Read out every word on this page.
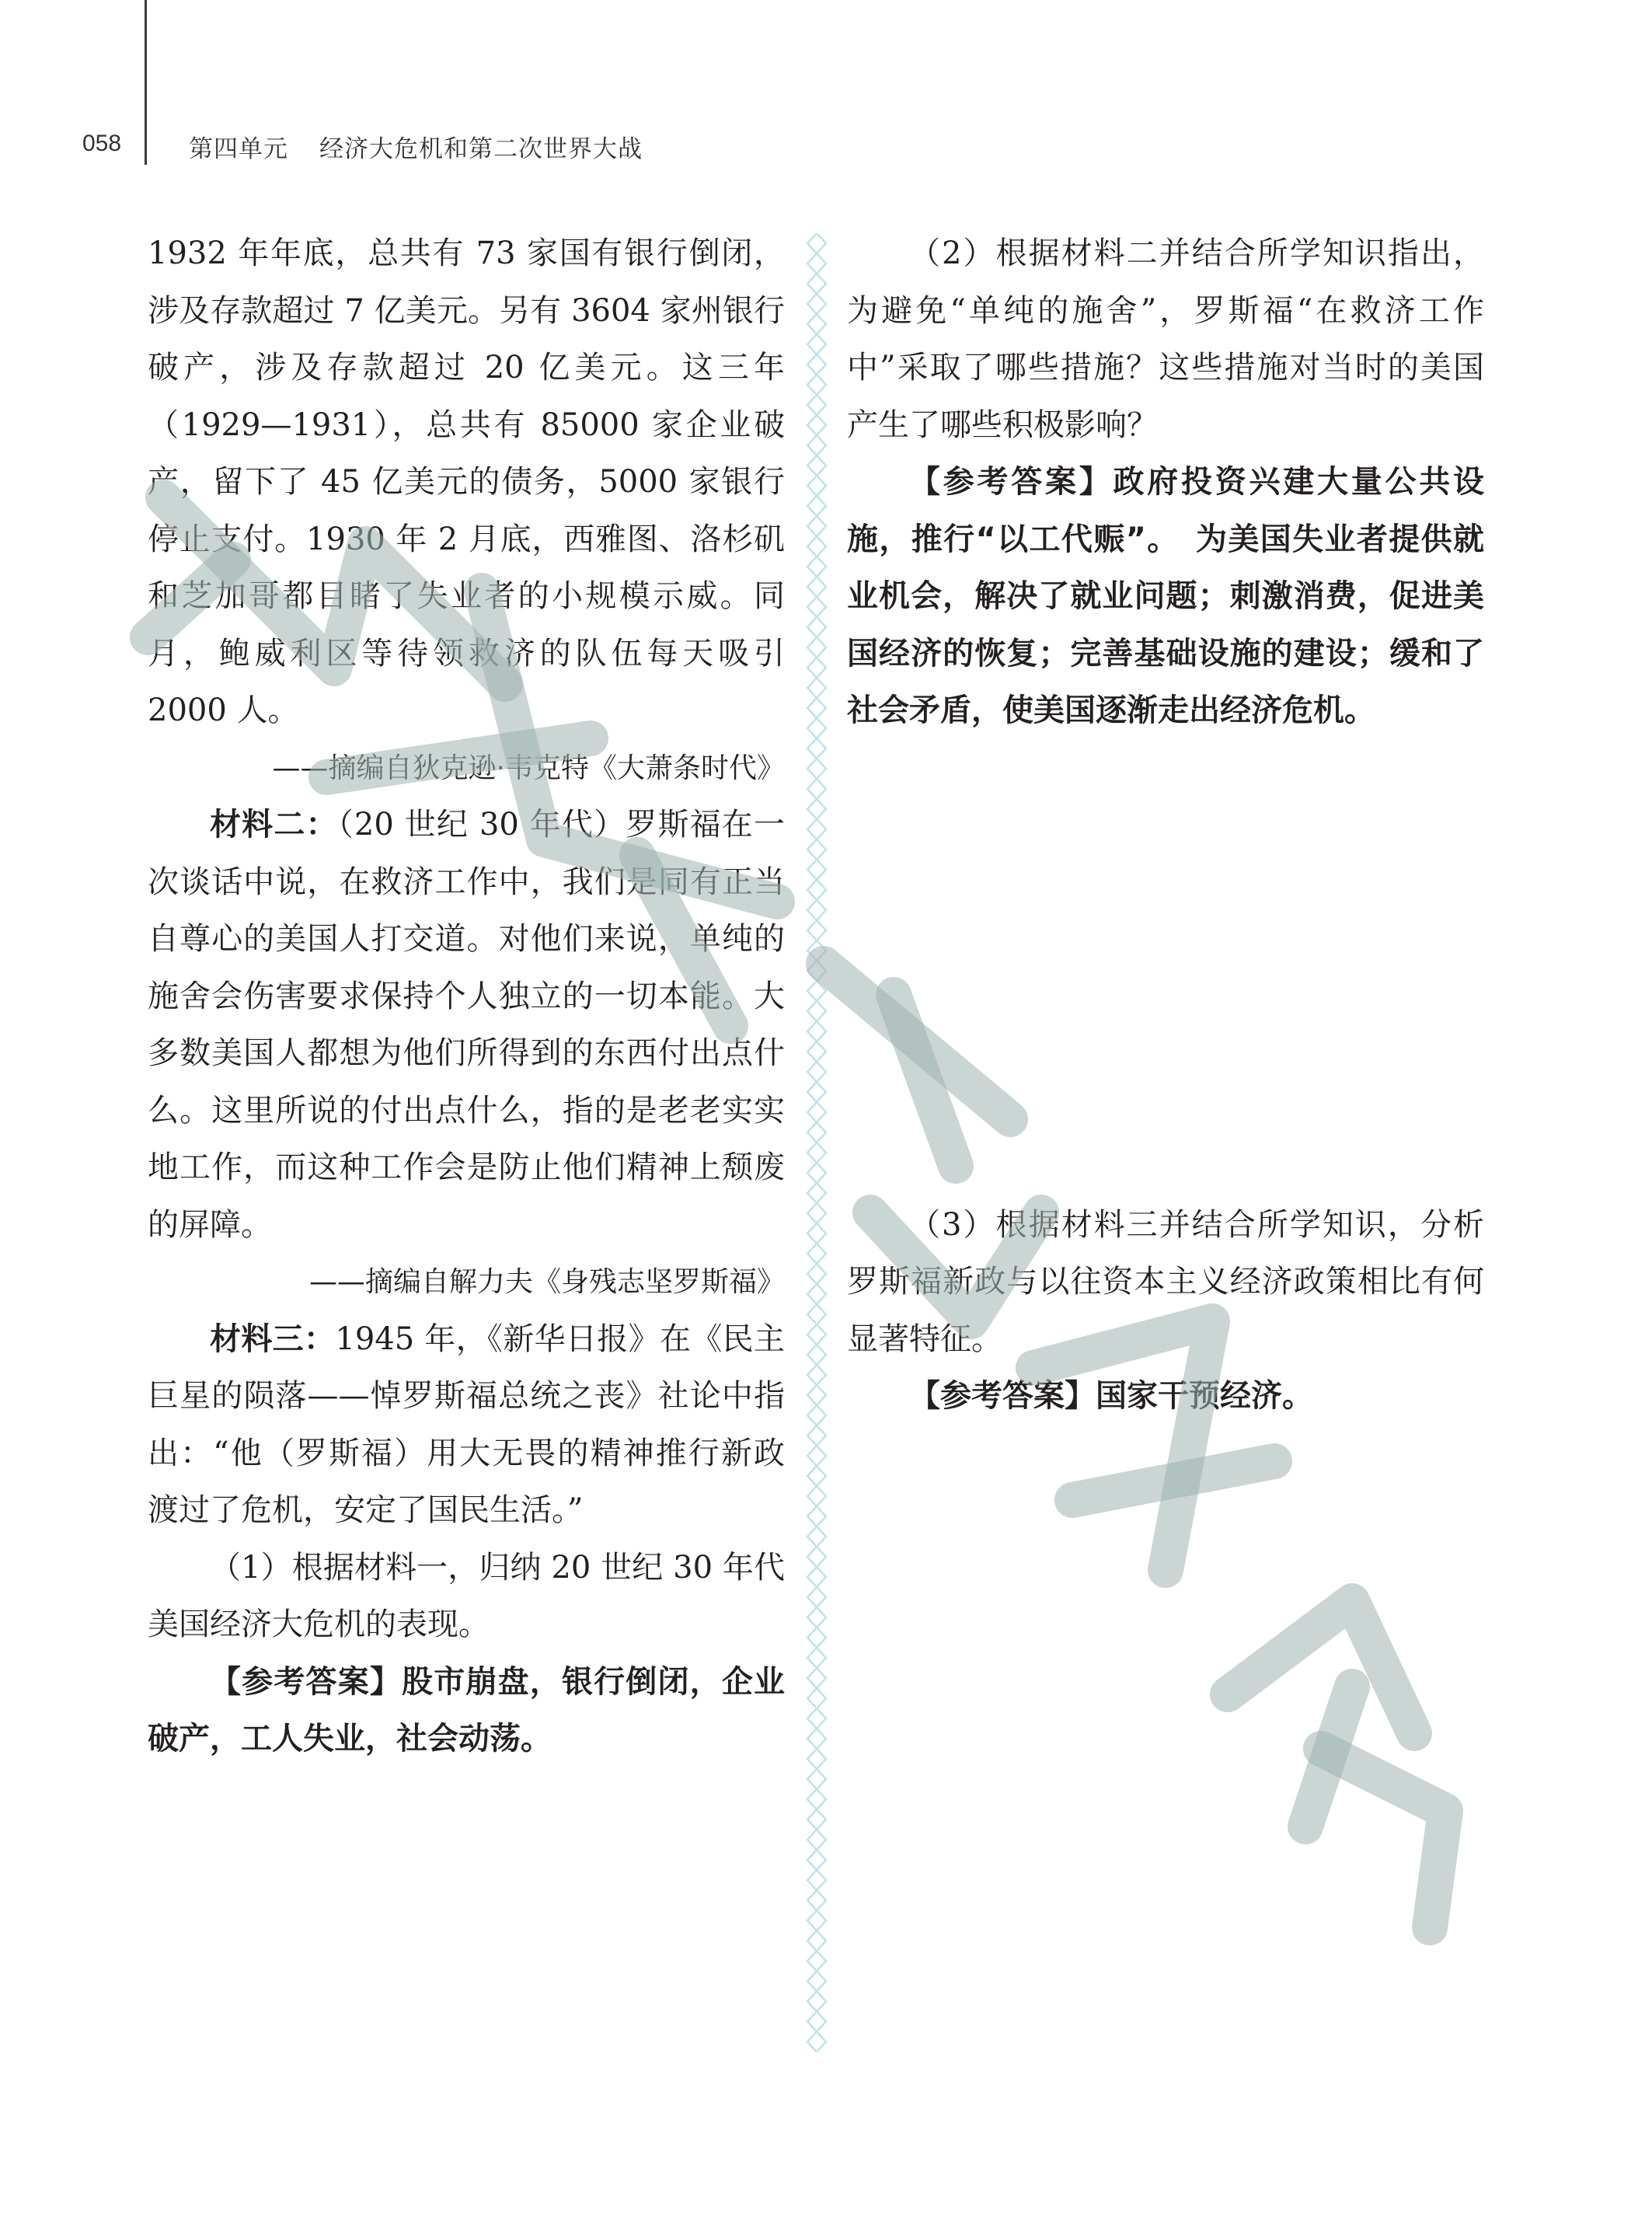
058	第四单元 经济大危机和第二次世界大战

1932 年年底，总共有 73 家国有银行倒闭，涉及存款超过 7 亿美元。另有 3604 家州银行破产，涉及存款超过 20 亿美元。这三年（1929—1931），总共有 85000 家企业破产，留下了 45 亿美元的债务，5000 家银行停止支付。1930 年 2 月底，西雅图、洛杉矶和芝加哥都目睹了失业者的小规模示威。同月，鲍威利区等待领救济的队伍每天吸引 2000 人。

——摘编自狄克逊·韦克特《大萧条时代》

材料二：（20 世纪 30 年代）罗斯福在一次谈话中说，在救济工作中，我们是同有正当自尊心的美国人打交道。对他们来说，单纯的施舍会伤害要求保持个人独立的一切本能。大多数美国人都想为他们所得到的东西付出点什么。这里所说的付出点什么，指的是老老实实地工作，而这种工作会是防止他们精神上颓废的屏障。

——摘编自解力夫《身残志坚罗斯福》

材料三：1945 年，《新华日报》在《民主巨星的陨落——悼罗斯福总统之丧》社论中指出：“他（罗斯福）用大无畏的精神推行新政渡过了危机，安定了国民生活。”

（1）根据材料一，归纳 20 世纪 30 年代美国经济大危机的表现。

【参考答案】股市崩盘，银行倒闭，企业破产，工人失业，社会动荡。

（2）根据材料二并结合所学知识指出，为避免“单纯的施舍”，罗斯福“在救济工作中”采取了哪些措施？这些措施对当时的美国产生了哪些积极影响？

【参考答案】政府投资兴建大量公共设施，推行“以工代赈”。　为美国失业者提供就业机会，解决了就业问题；刺激消费，促进美国经济的恢复；完善基础设施的建设；缓和了社会矛盾，使美国逐渐走出经济危机。

（3）根据材料三并结合所学知识，分析罗斯福新政与以往资本主义经济政策相比有何显著特征。

【参考答案】国家干预经济。
